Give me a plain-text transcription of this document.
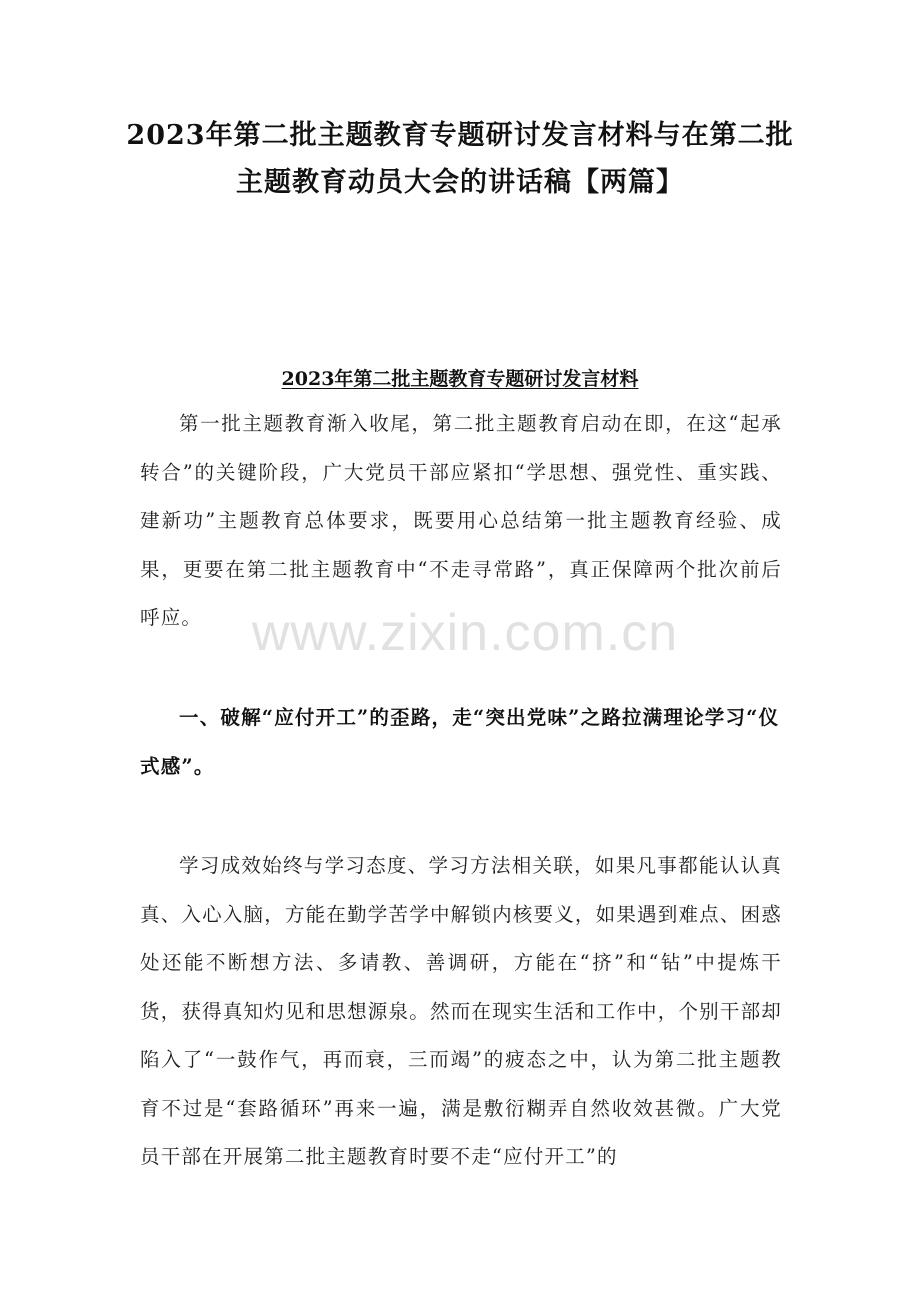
2023年第二批主题教育专题研讨发言材料与在第二批主题教育动员大会的讲话稿【两篇】
2023年第二批主题教育专题研讨发言材料

第一批主题教育渐入收尾，第二批主题教育启动在即，在这“起承转合”的关键阶段，广大党员干部应紧扣“学思想、强党性、重实践、建新功”主题教育总体要求，既要用心总结第一批主题教育经验、成果，更要在第二批主题教育中“不走寻常路”，真正保障两个批次前后呼应。

一、破解“应付开工”的歪路，走“突出党味”之路拉满理论学习“仪式感”。

学习成效始终与学习态度、学习方法相关联，如果凡事都能认认真真、入心入脑，方能在勤学苦学中解锁内核要义，如果遇到难点、困惑处还能不断想方法、多请教、善调研，方能在“挤”和“钻”中提炼干货，获得真知灼见和思想源泉。然而在现实生活和工作中，个别干部却陷入了“一鼓作气，再而衰，三而竭”的疲态之中，认为第二批主题教育不过是“套路循环”再来一遍，满是敷衍糊弄自然收效甚微。广大党员干部在开展第二批主题教育时要不走“应付开工”的

www.zixin.com.cn
